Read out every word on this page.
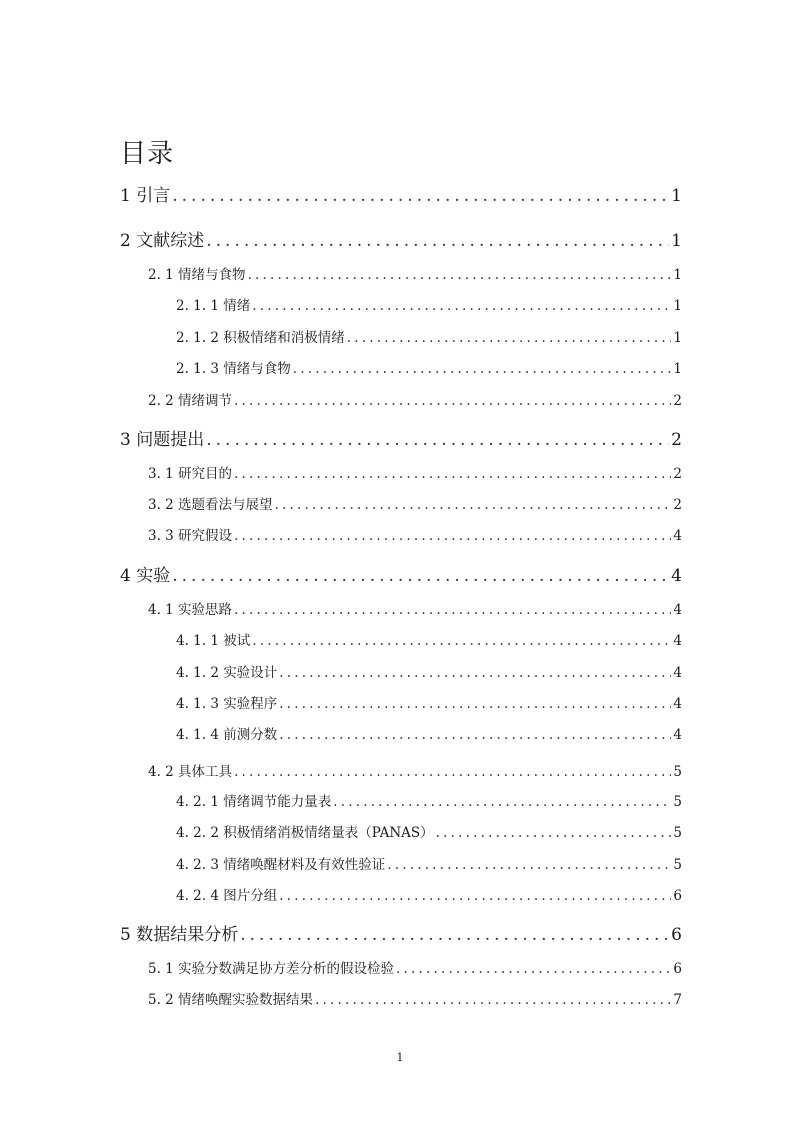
目录
1 引言 .....	1
2 文献综述 .....	1
2. 1 情绪与食物 .....	1
2. 1. 1 情绪 .....	1
2. 1. 2 积极情绪和消极情绪 .....	1
2. 1. 3 情绪与食物 .....	1
2. 2 情绪调节 .....	2
3 问题提出 .....	2
3. 1 研究目的 .....	2
3. 2 选题看法与展望 .....	2
3. 3 研究假设 .....	4
4 实验 .....	4
4. 1 实验思路 .....	4
4. 1. 1 被试 .....	4
4. 1. 2 实验设计 .....	4
4. 1. 3 实验程序 .....	4
4. 1. 4 前测分数 .....	4
4. 2 具体工具 .....	5
4. 2. 1 情绪调节能力量表 .....	5
4. 2. 2 积极情绪消极情绪量表（PANAS） .....	5
4. 2. 3 情绪唤醒材料及有效性验证 .....	5
4. 2. 4 图片分组 .....	6
5 数据结果分析 .....	6
5. 1 实验分数满足协方差分析的假设检验 .....	6
5. 2 情绪唤醒实验数据结果 .....	7
1
